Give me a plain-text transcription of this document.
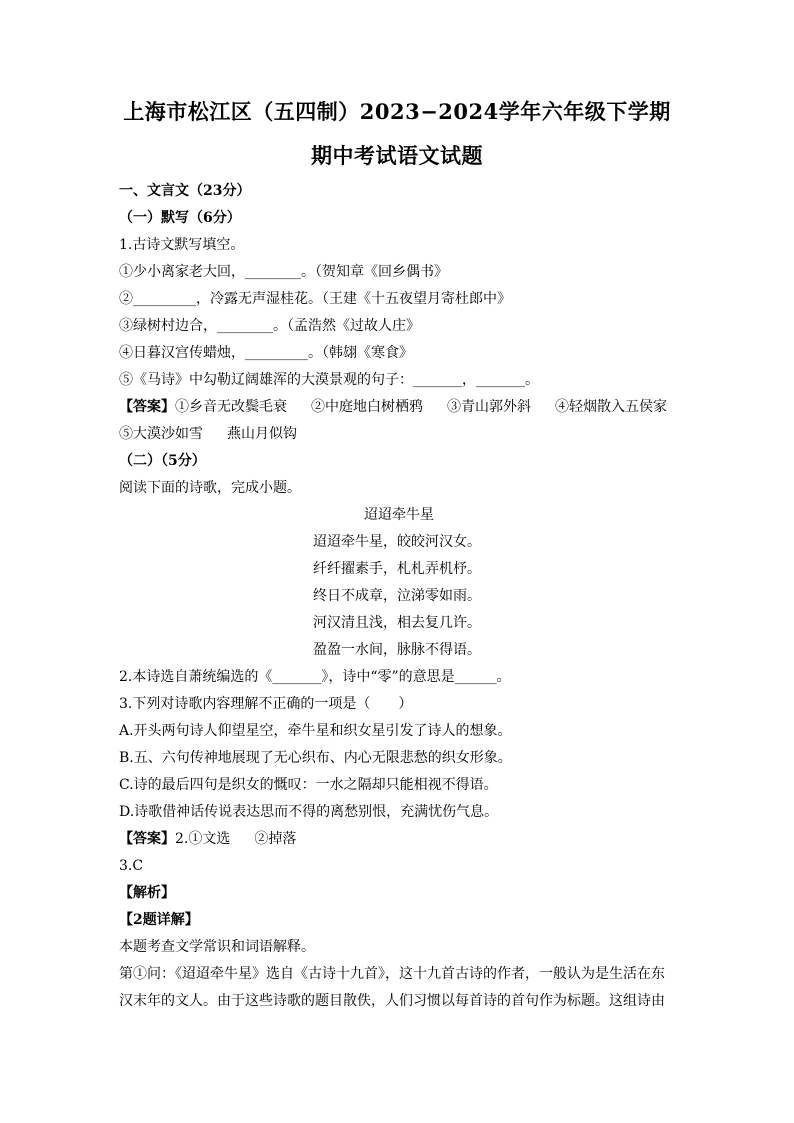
上海市松江区（五四制）2023−2024学年六年级下学期
期中考试语文试题
一、文言文（23分）
（一）默写（6分）
1.古诗文默写填空。
①少小离家老大回，________。（贺知章《回乡偶书》
②_________，冷露无声湿桂花。（王建《十五夜望月寄杜郎中》
③绿树村边合，________。（孟浩然《过故人庄》
④日暮汉宫传蜡烛，_________。（韩翃《寒食》
⑤《马诗》中勾勒辽阔雄浑的大漠景观的句子：_______，_______。
【答案】①乡音无改鬓毛衰 ②中庭地白树栖鸦 ③青山郭外斜 ④轻烟散入五侯家
⑤大漠沙如雪 燕山月似钩
（二）（5分）
阅读下面的诗歌，完成小题。
迢迢牵牛星
迢迢牵牛星，皎皎河汉女。
纤纤擢素手，札札弄机杼。
终日不成章，泣涕零如雨。
河汉清且浅，相去复几许。
盈盈一水间，脉脉不得语。
2.本诗选自萧统编选的《_______》，诗中“零”的意思是______。
3.下列对诗歌内容理解不正确的一项是（　　）
A.开头两句诗人仰望星空，牵牛星和织女星引发了诗人的想象。
B.五、六句传神地展现了无心织布、内心无限悲愁的织女形象。
C.诗的最后四句是织女的慨叹：一水之隔却只能相视不得语。
D.诗歌借神话传说表达思而不得的离愁别恨，充满忧伤气息。
【答案】2.①文选 ②掉落
3.C
【解析】
【2题详解】
本题考查文学常识和词语解释。
第①问：《迢迢牵牛星》选自《古诗十九首》，这十九首古诗的作者，一般认为是生活在东
汉末年的文人。由于这些诗歌的题目散佚，人们习惯以每首诗的首句作为标题。这组诗由
